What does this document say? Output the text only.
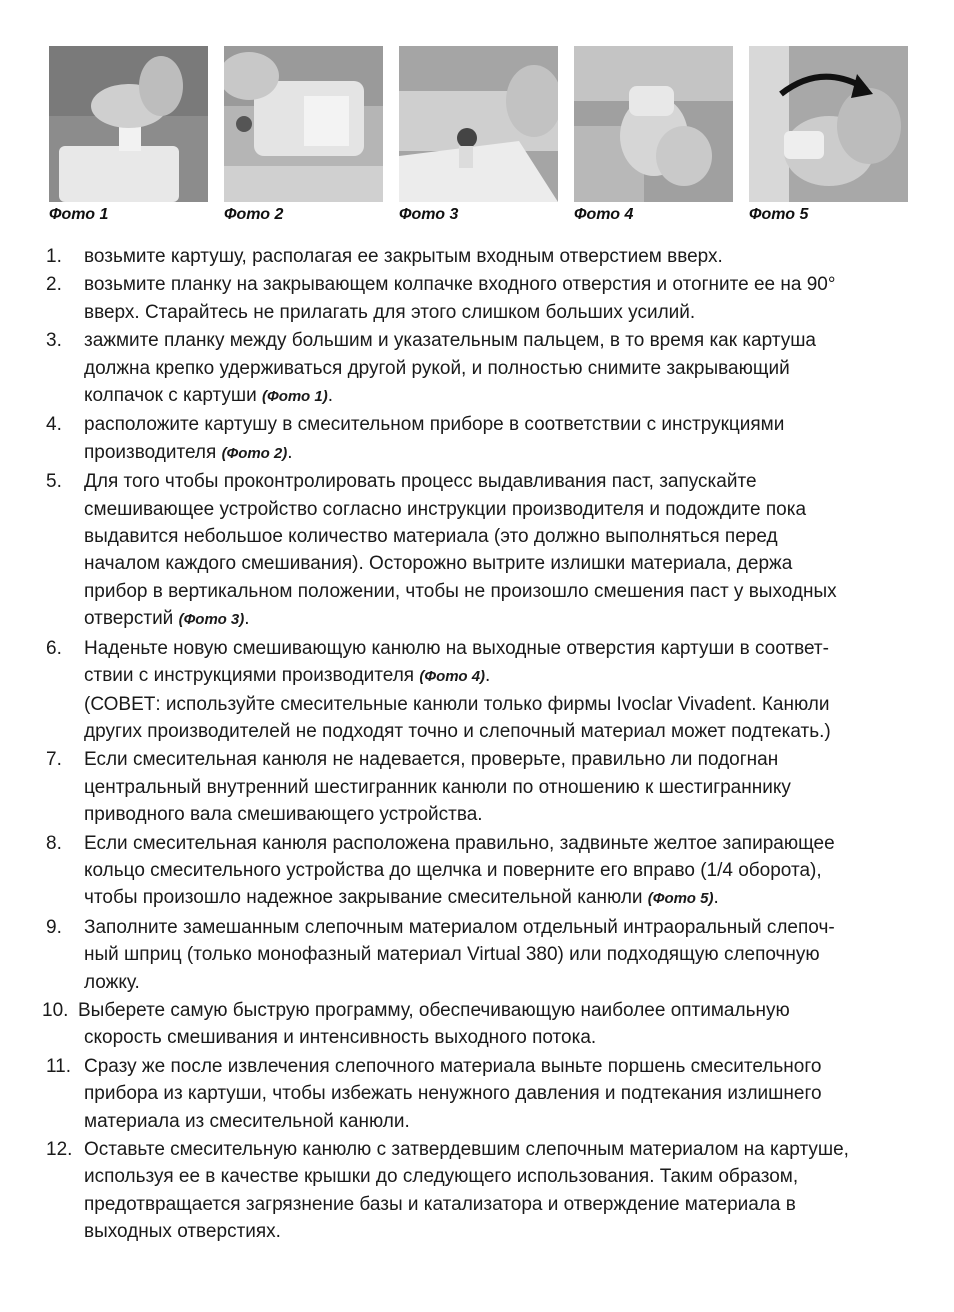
Фото 1	Фото 2	Фото 3	Фото 4	Фото 5
1. возьмите картушу, располагая ее закрытым входным отверстием вверх.
2. возьмите планку на закрывающем колпачке входного отверстия и отогните ее на 90°
вверх. Старайтесь не прилагать для этого слишком больших усилий.
3. зажмите планку между большим и указательным пальцем, в то время как картуша
должна крепко удерживаться другой рукой, и полностью снимите закрывающий
колпачок с картуши (Фото 1).
4. расположите картушу в смесительном приборе в соответствии с инструкциями
производителя (Фото 2).
5. Для того чтобы проконтролировать процесс выдавливания паст, запускайте
смешивающее устройство согласно инструкции производителя и подождите пока
выдавится небольшое количество материала (это должно выполняться перед
началом каждого смешивания). Осторожно вытрите излишки материала, держа
прибор в вертикальном положении, чтобы не произошло смешения паст у выходных
отверстий (Фото 3).
6. Наденьте новую смешивающую канюлю на выходные отверстия картуши в соответ-
ствии с инструкциями производителя (Фото 4).
(СОВЕТ: используйте смесительные канюли только фирмы Ivoclar Vivadent. Канюли
других производителей не подходят точно и слепочный материал может подтекать.)
7. Если смесительная канюля не надевается, проверьте, правильно ли подогнан
центральный внутренний шестигранник канюли по отношению к шестиграннику
приводного вала смешивающего устройства.
8. Если смесительная канюля расположена правильно, задвиньте желтое запирающее
кольцо смесительного устройства до щелчка и поверните его вправо (1/4 оборота),
чтобы произошло надежное закрывание смесительной канюли (Фото 5).
9. Заполните замешанным слепочным материалом отдельный интраоральный слепоч-
ный шприц (только монофазный материал Virtual 380) или подходящую слепочную
ложку.
10. Выберете самую быструю программу, обеспечивающую наиболее оптимальную
скорость смешивания и интенсивность выходного потока.
11. Сразу же после извлечения слепочного материала выньте поршень смесительного
прибора из картуши, чтобы избежать ненужного давления и подтекания излишнего
материала из смесительной канюли.
12. Оставьте смесительную канюлю с затвердевшим слепочным материалом на картуше,
используя ее в качестве крышки до следующего использования. Таким образом,
предотвращается загрязнение базы и катализатора и отверждение материала в
выходных отверстиях.
